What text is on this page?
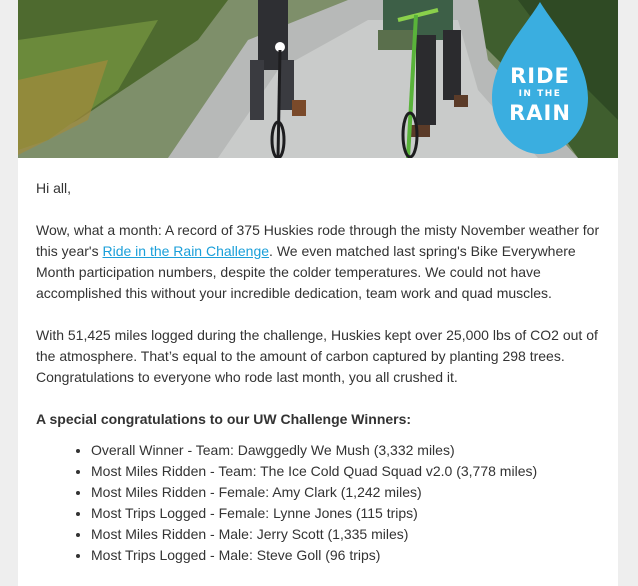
RIDE
IN THE
RAIN

Hi all,

Wow, what a month: A record of 375 Huskies rode through the misty November weather for this year's Ride in the Rain Challenge. We even matched last spring's Bike Everywhere Month participation numbers, despite the colder temperatures. We could not have accomplished this without your incredible dedication, team work and quad muscles.

With 51,425 miles logged during the challenge, Huskies kept over 25,000 lbs of CO2 out of the atmosphere. That’s equal to the amount of carbon captured by planting 298 trees. Congratulations to everyone who rode last month, you all crushed it.

A special congratulations to our UW Challenge Winners:

• Overall Winner - Team: Dawggedly We Mush (3,332 miles)
• Most Miles Ridden - Team: The Ice Cold Quad Squad v2.0 (3,778 miles)
• Most Miles Ridden - Female: Amy Clark (1,242 miles)
• Most Trips Logged - Female: Lynne Jones (115 trips)
• Most Miles Ridden - Male: Jerry Scott (1,335 miles)
• Most Trips Logged - Male: Steve Goll (96 trips)
